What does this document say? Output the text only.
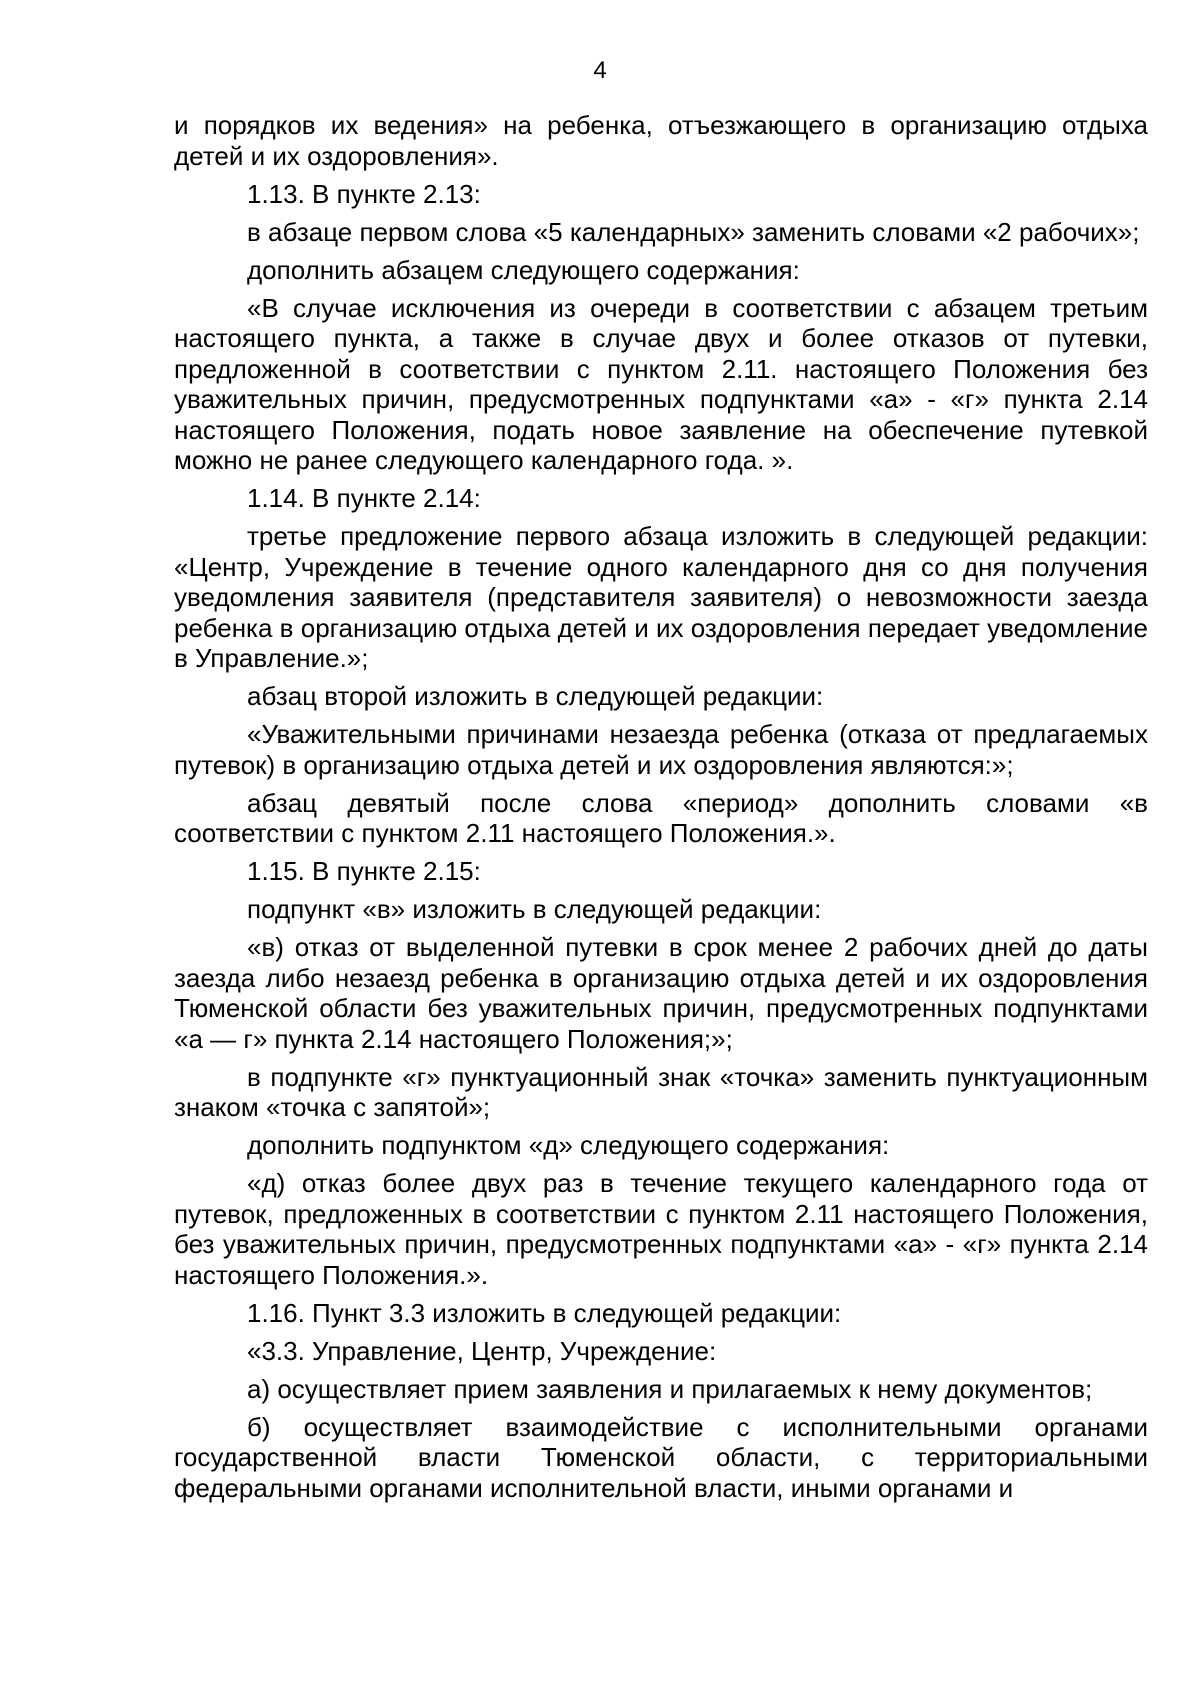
4

и порядков их ведения» на ребенка, отъезжающего в организацию отдыха детей и их оздоровления».

1.13. В пункте 2.13:

в абзаце первом слова «5 календарных» заменить словами «2 рабочих»;

дополнить абзацем следующего содержания:

«В случае исключения из очереди в соответствии с абзацем третьим настоящего пункта, а также в случае двух и более отказов от путевки, предложенной в соответствии с пунктом 2.11. настоящего Положения без уважительных причин, предусмотренных подпунктами «а» - «г» пункта 2.14 настоящего Положения, подать новое заявление на обеспечение путевкой можно не ранее следующего календарного года. ».

1.14. В пункте 2.14:

третье предложение первого абзаца изложить в следующей редакции: «Центр, Учреждение в течение одного календарного дня со дня получения уведомления заявителя (представителя заявителя) о невозможности заезда ребенка в организацию отдыха детей и их оздоровления передает уведомление в Управление.»;

абзац второй изложить в следующей редакции:

«Уважительными причинами незаезда ребенка (отказа от предлагаемых путевок) в организацию отдыха детей и их оздоровления являются:»;

абзац девятый после слова «период» дополнить словами «в соответствии с пунктом 2.11 настоящего Положения.».

1.15. В пункте 2.15:

подпункт «в» изложить в следующей редакции:

«в) отказ от выделенной путевки в срок менее 2 рабочих дней до даты заезда либо незаезд ребенка в организацию отдыха детей и их оздоровления Тюменской области без уважительных причин, предусмотренных подпунктами «а — г» пункта 2.14 настоящего Положения;»;

в подпункте «г» пунктуационный знак «точка» заменить пунктуационным знаком «точка с запятой»;

дополнить подпунктом «д» следующего содержания:

«д) отказ более двух раз в течение текущего календарного года от путевок, предложенных в соответствии с пунктом 2.11 настоящего Положения, без уважительных причин, предусмотренных подпунктами «а» - «г» пункта 2.14 настоящего Положения.».

1.16. Пункт 3.3 изложить в следующей редакции:

«3.3. Управление, Центр, Учреждение:

а) осуществляет прием заявления и прилагаемых к нему документов;

б) осуществляет взаимодействие с исполнительными органами государственной власти Тюменской области, с территориальными федеральными органами исполнительной власти, иными органами и
